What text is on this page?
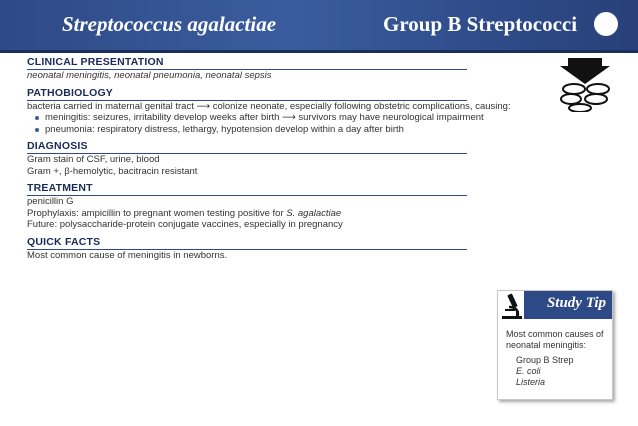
Streptococcus agalactiae	Group B Streptococci
CLINICAL PRESENTATION
neonatal meningitis, neonatal pneumonia, neonatal sepsis
PATHOBIOLOGY
bacteria carried in maternal genital tract ⟶ colonize neonate, especially following obstetric complications, causing:
meningitis: seizures, irritability develop weeks after birth ⟶ survivors may have neurological impairment
pneumonia: respiratory distress, lethargy, hypotension develop within a day after birth
DIAGNOSIS
Gram stain of CSF, urine, blood
Gram +, β-hemolytic, bacitracin resistant
TREATMENT
penicillin G
Prophylaxis: ampicillin to pregnant women testing positive for S. agalactiae
Future: polysaccharide-protein conjugate vaccines, especially in pregnancy
QUICK FACTS
Most common cause of meningitis in newborns.
Study Tip
Most common causes of
neonatal meningitis:
Group B Strep
E. coli
Listeria
